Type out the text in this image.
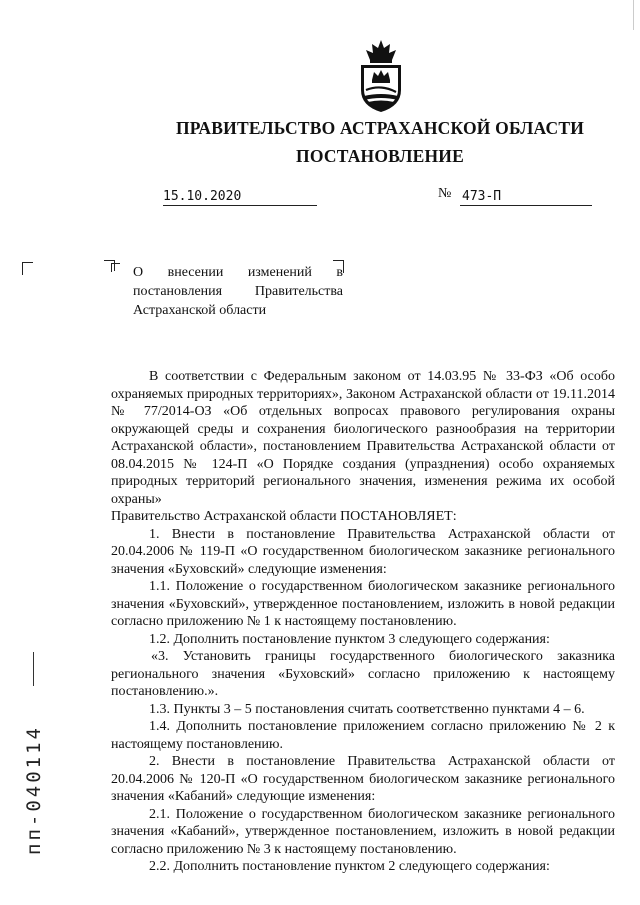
ПРАВИТЕЛЬСТВО АСТРАХАНСКОЙ ОБЛАСТИ
ПОСТАНОВЛЕНИЕ
15.10.2020	№ 473-П
О внесении изменений в постановления Правительства Астраханской области

В соответствии с Федеральным законом от 14.03.95 № 33-ФЗ «Об особо охраняемых природных территориях», Законом Астраханской области от 19.11.2014 № 77/2014-ОЗ «Об отдельных вопросах правового регулирования охраны окружающей среды и сохранения биологического разнообразия на территории Астраханской области», постановлением Правительства Астраханской области от 08.04.2015 № 124-П «О Порядке создания (упразднения) особо охраняемых природных территорий регионального значения, изменения режима их особой охраны»

Правительство Астраханской области ПОСТАНОВЛЯЕТ:

1. Внести в постановление Правительства Астраханской области от 20.04.2006 № 119-П «О государственном биологическом заказнике регионального значения «Буховский» следующие изменения:

1.1. Положение о государственном биологическом заказнике регионального значения «Буховский», утвержденное постановлением, изложить в новой редакции согласно приложению № 1 к настоящему постановлению.

1.2. Дополнить постановление пунктом 3 следующего содержания:

«3. Установить границы государственного биологического заказника регионального значения «Буховский» согласно приложению к настоящему постановлению.».

1.3. Пункты 3 – 5 постановления считать соответственно пунктами 4 – 6.

1.4. Дополнить постановление приложением согласно приложению № 2 к настоящему постановлению.

2. Внести в постановление Правительства Астраханской области от 20.04.2006 № 120-П «О государственном биологическом заказнике регионального значения «Кабаний» следующие изменения:

2.1. Положение о государственном биологическом заказнике регионального значения «Кабаний», утвержденное постановлением, изложить в новой редакции согласно приложению № 3 к настоящему постановлению.

2.2. Дополнить постановление пунктом 2 следующего содержания:

пп-040114
